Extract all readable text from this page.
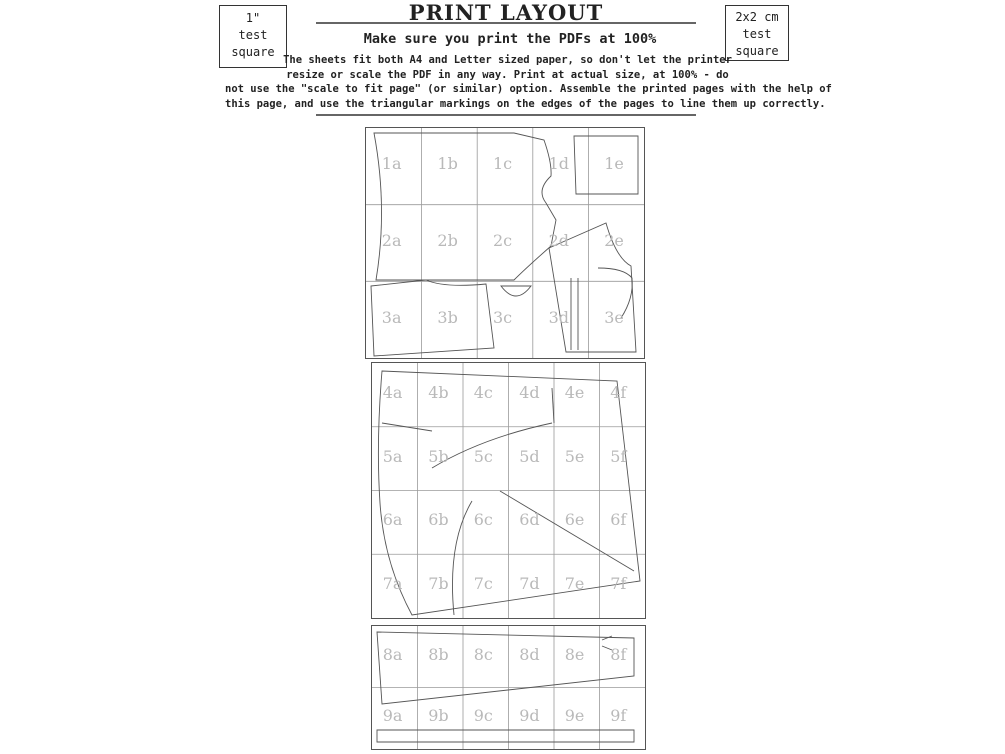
1"
test
square
PRINT LAYOUT
Make sure you print the PDFs at 100%
2x2 cm
test
square
The sheets fit both A4 and Letter sized paper, so don't let the printer
resize or scale the PDF in any way. Print at actual size, at 100% - do
not use the "scale to fit page" (or similar) option. Assemble the printed pages with the help of
this page, and use the triangular markings on the edges of the pages to line them up correctly.
1a 1b 1c 1d 1e
2a 2b 2c 2d 2e
3a 3b 3c 3d 3e
4a 4b 4c 4d 4e 4f
5a 5b 5c 5d 5e 5f
6a 6b 6c 6d 6e 6f
7a 7b 7c 7d 7e 7f
8a 8b 8c 8d 8e 8f
9a 9b 9c 9d 9e 9f
